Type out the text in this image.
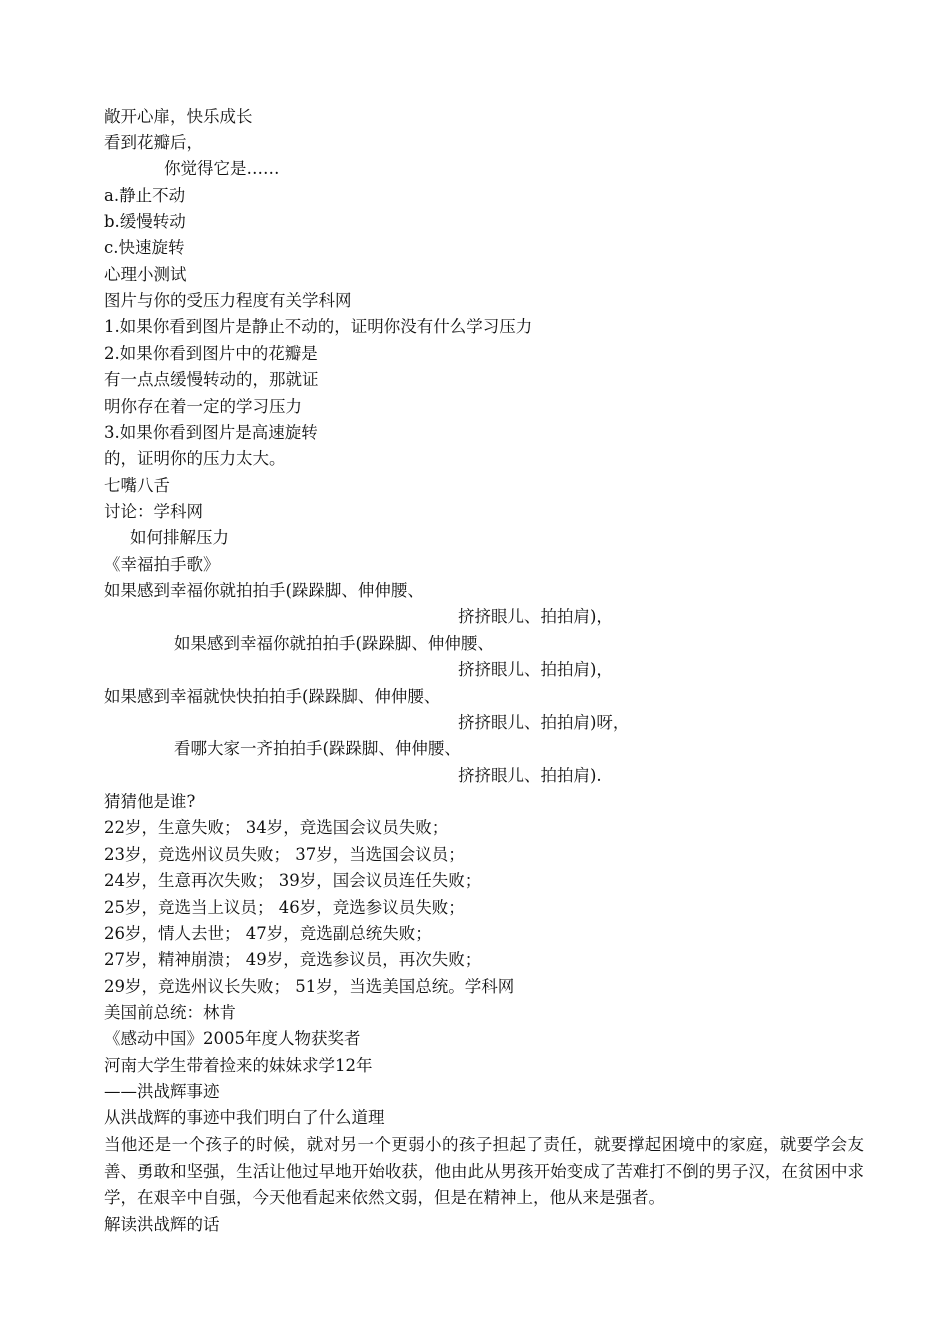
敞开心扉，快乐成长
看到花瓣后，
你觉得它是……
a.静止不动
b.缓慢转动
c.快速旋转
心理小测试
图片与你的受压力程度有关学科网
1.如果你看到图片是静止不动的，证明你没有什么学习压力
2.如果你看到图片中的花瓣是
有一点点缓慢转动的，那就证
明你存在着一定的学习压力
3.如果你看到图片是高速旋转
的，证明你的压力太大。
七嘴八舌
讨论：学科网
如何排解压力
《幸福拍手歌》
如果感到幸福你就拍拍手(跺跺脚、伸伸腰、
挤挤眼儿、拍拍肩)，
如果感到幸福你就拍拍手(跺跺脚、伸伸腰、
挤挤眼儿、拍拍肩)，
如果感到幸福就快快拍拍手(跺跺脚、伸伸腰、
挤挤眼儿、拍拍肩)呀，
看哪大家一齐拍拍手(跺跺脚、伸伸腰、
挤挤眼儿、拍拍肩).
猜猜他是谁?
22岁，生意失败； 34岁，竞选国会议员失败；
23岁，竞选州议员失败； 37岁，当选国会议员；
24岁，生意再次失败； 39岁，国会议员连任失败；
25岁，竞选当上议员； 46岁，竞选参议员失败；
26岁，情人去世； 47岁，竞选副总统失败；
27岁，精神崩溃； 49岁，竞选参议员，再次失败；
29岁，竞选州议长失败； 51岁，当选美国总统。学科网
美国前总统：林肯
《感动中国》2005年度人物获奖者
河南大学生带着捡来的妹妹求学12年
——洪战辉事迹
从洪战辉的事迹中我们明白了什么道理
当他还是一个孩子的时候，就对另一个更弱小的孩子担起了责任，就要撑起困境中的家庭，就要学会友善、勇敢和坚强，生活让他过早地开始收获，他由此从男孩开始变成了苦难打不倒的男子汉，在贫困中求学，在艰辛中自强，今天他看起来依然文弱，但是在精神上，他从来是强者。
解读洪战辉的话
